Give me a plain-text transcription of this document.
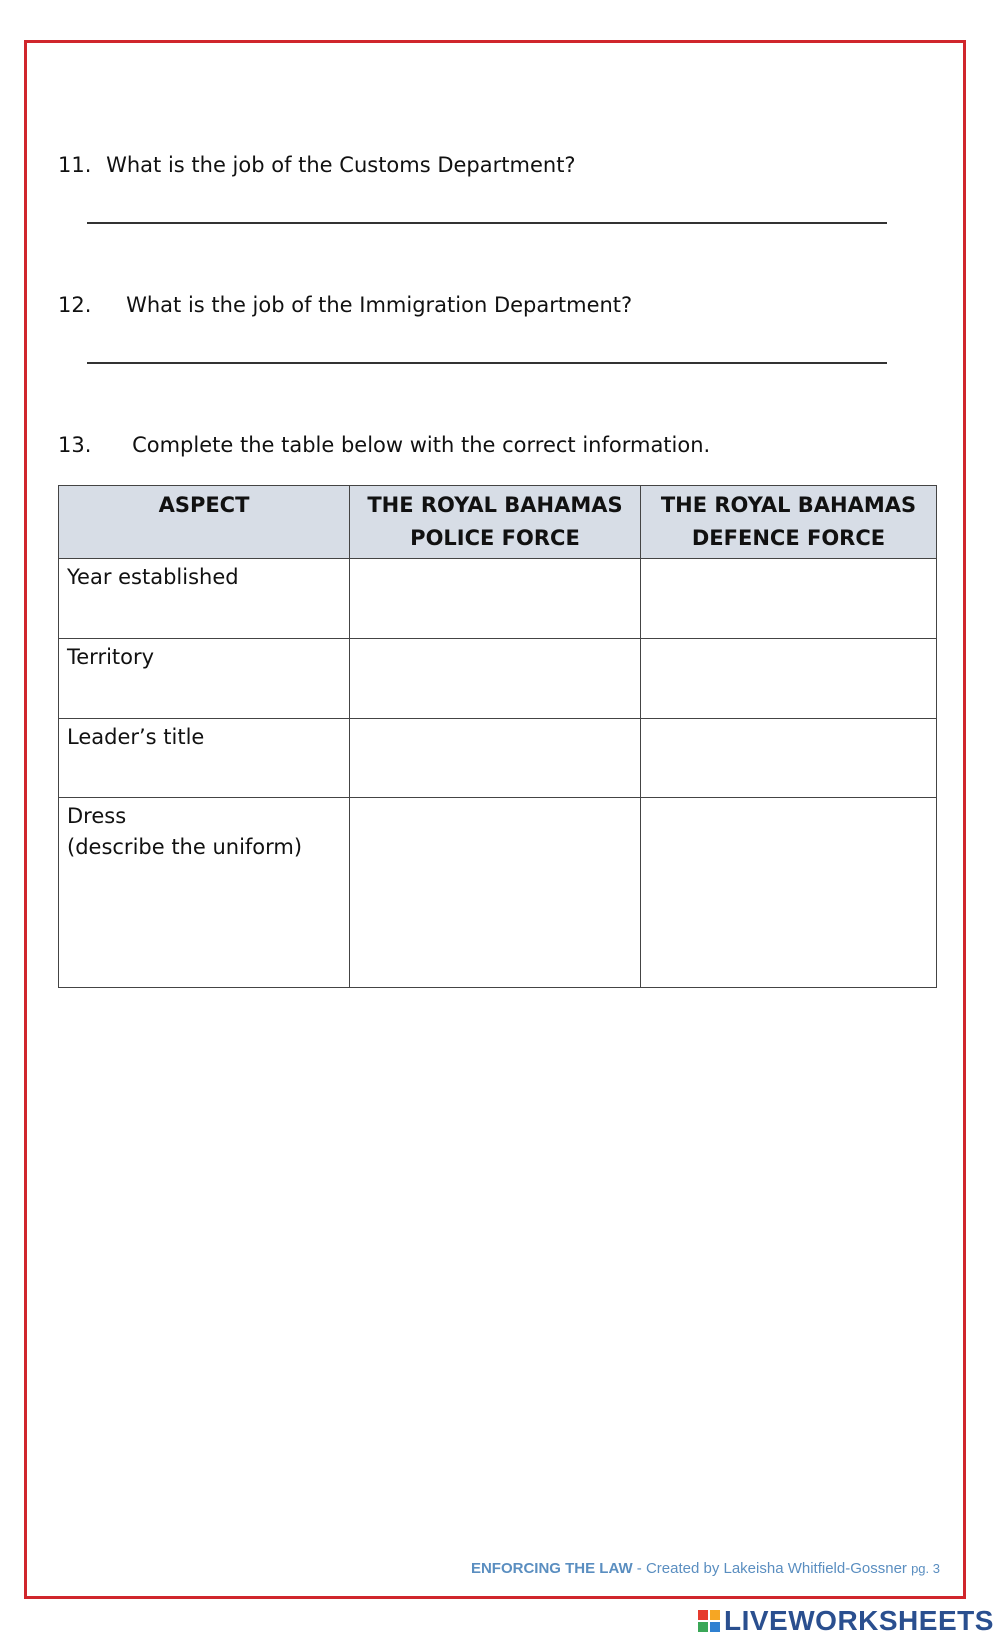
11. What is the job of the Customs Department?
12. What is the job of the Immigration Department?
13. Complete the table below with the correct information.
ASPECT	THE ROYAL BAHAMAS POLICE FORCE	THE ROYAL BAHAMAS DEFENCE FORCE
Year established		
Territory		
Leader’s title		

Dress
(describe the uniform)		

ENFORCING THE LAW - Created by Lakeisha Whitfield-Gossner pg. 3
LIVEWORKSHEETS
